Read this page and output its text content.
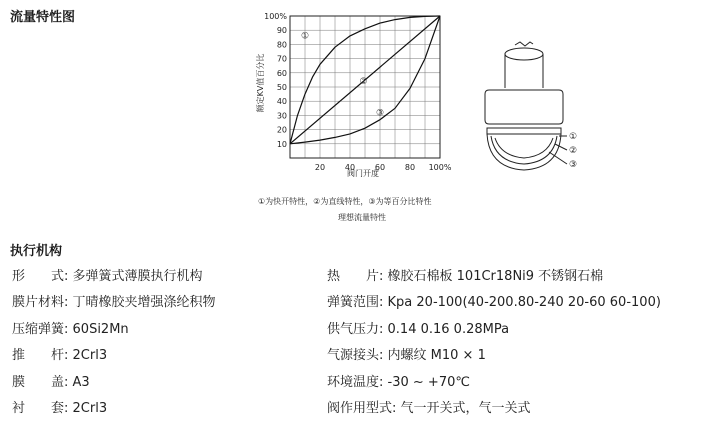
流量特性图	100%
90
80
70
60
50
40
30
20
10
20 40 60 80 100%
①
②
③
额定KV值百分比
阀门开度
①为快开特性，②为直线特性，③为等百分比特性
理想流量特性
①
②
③
执行机构
形　　式: 多弹簧式薄膜执行机构
膜片材料: 丁晴橡胶夹增强涤纶积物
压缩弹簧: 60Si2Mn
推　　杆: 2Crl3
膜　　盖: A3
衬　　套: 2Crl3
热　　片: 橡胶石棉板 101Cr18Ni9 不锈钢石棉
弹簧范围: Kpa 20-100(40-200.80-240 20-60 60-100)
供气压力: 0.14 0.16 0.28MPa
气源接头: 内螺纹 M10 × 1
环境温度: -30 ~ +70℃
阀作用型式: 气一开关式，气一关式
